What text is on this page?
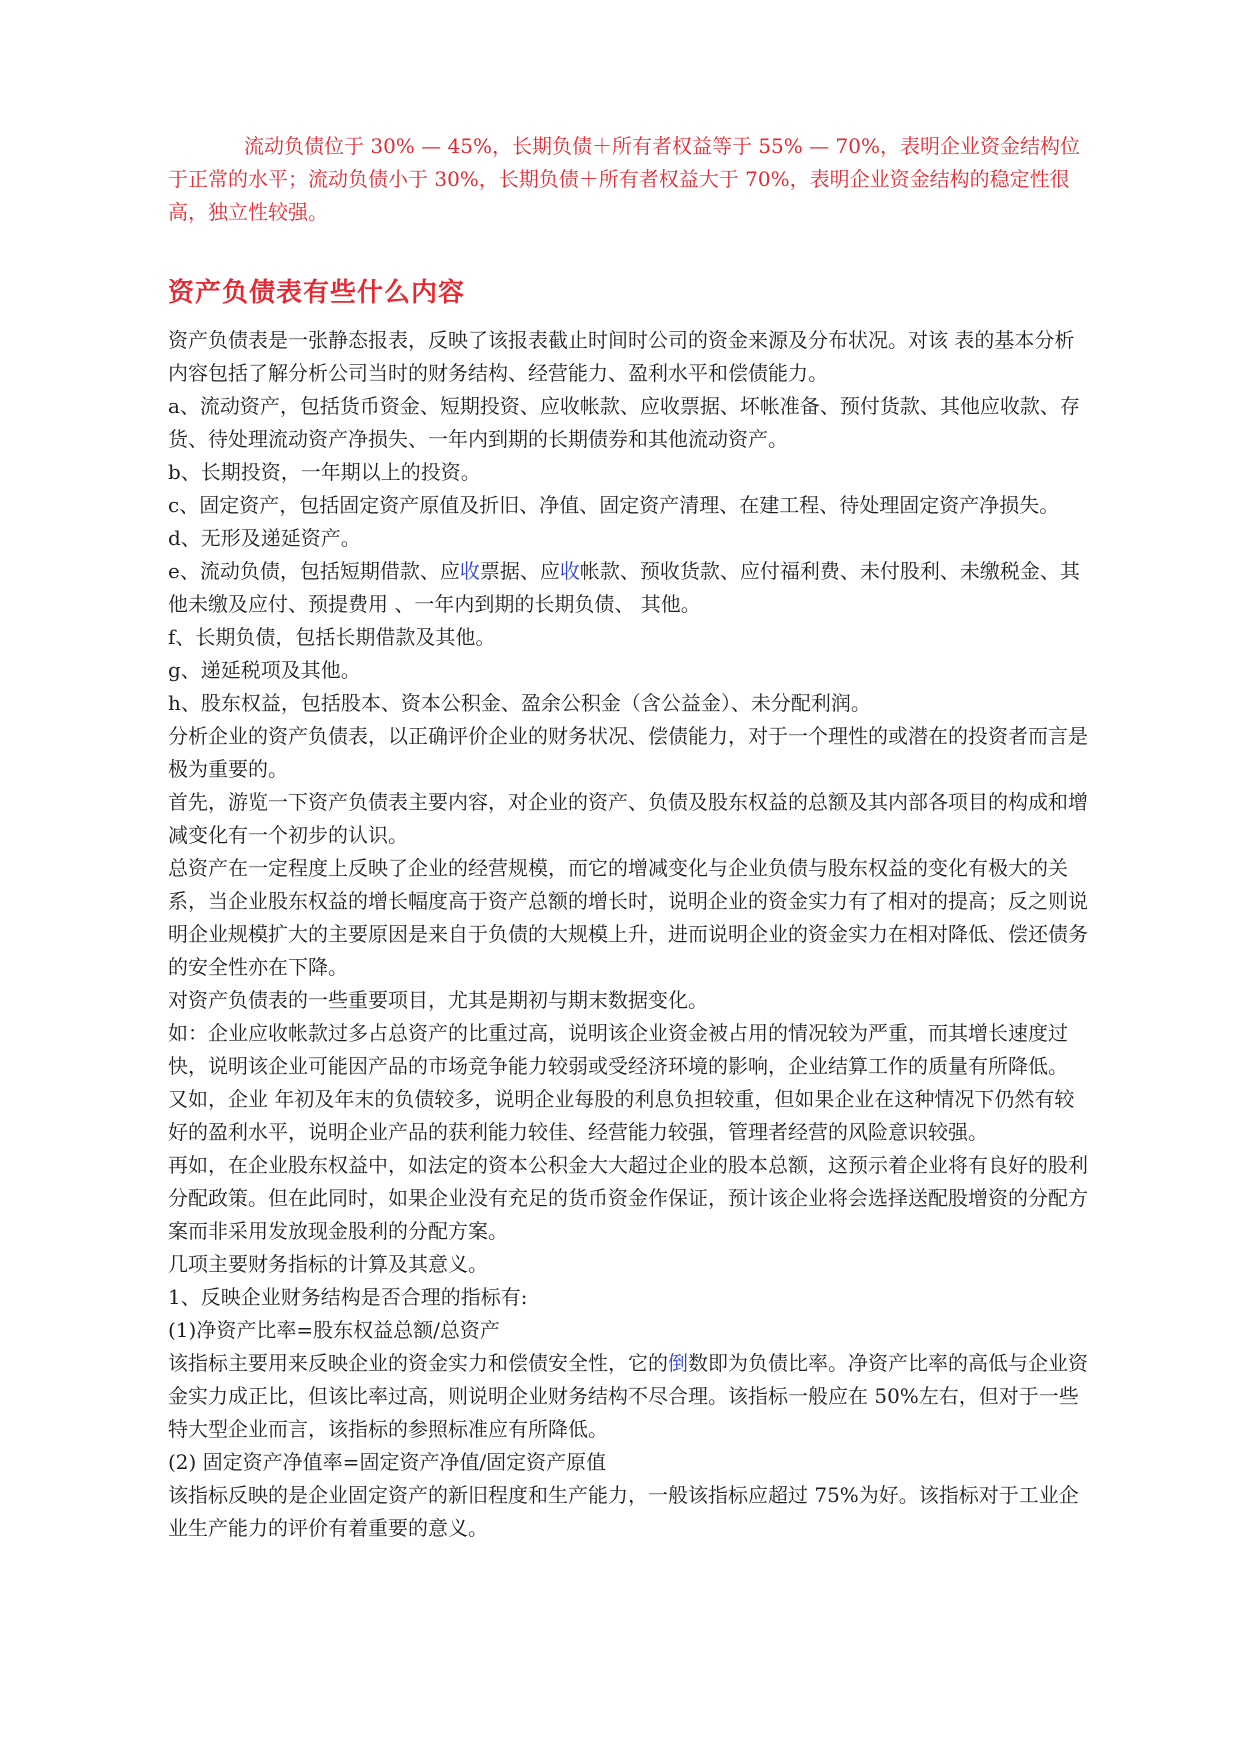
流动负债位于 30% — 45%，长期负债＋所有者权益等于 55% — 70%，表明企业资金结构位于正常的水平；流动负债小于 30%，长期负债＋所有者权益大于 70%，表明企业资金结构的稳定性很高，独立性较强。

资产负债表有些什么内容

资产负债表是一张静态报表，反映了该报表截止时间时公司的资金来源及分布状况。对该 表的基本分析内容包括了解分析公司当时的财务结构、经营能力、盈利水平和偿债能力。

a、流动资产，包括货币资金、短期投资、应收帐款、应收票据、坏帐准备、预付货款、其他应收款、存货、待处理流动资产净损失、一年内到期的长期债券和其他流动资产。

b、长期投资，一年期以上的投资。

c、固定资产，包括固定资产原值及折旧、净值、固定资产清理、在建工程、待处理固定资产净损失。

d、无形及递延资产。

e、流动负债，包括短期借款、应收票据、应收帐款、预收货款、应付福利费、未付股利、未缴税金、其他未缴及应付、预提费用 、一年内到期的长期负债、 其他。

f、长期负债，包括长期借款及其他。

g、递延税项及其他。

h、股东权益，包括股本、资本公积金、盈余公积金（含公益金）、未分配利润。

分析企业的资产负债表，以正确评价企业的财务状况、偿债能力，对于一个理性的或潜在的投资者而言是极为重要的。

首先，游览一下资产负债表主要内容，对企业的资产、负债及股东权益的总额及其内部各项目的构成和增减变化有一个初步的认识。

总资产在一定程度上反映了企业的经营规模，而它的增减变化与企业负债与股东权益的变化有极大的关系，当企业股东权益的增长幅度高于资产总额的增长时，说明企业的资金实力有了相对的提高；反之则说明企业规模扩大的主要原因是来自于负债的大规模上升，进而说明企业的资金实力在相对降低、偿还债务的安全性亦在下降。

对资产负债表的一些重要项目，尤其是期初与期末数据变化。

如：企业应收帐款过多占总资产的比重过高，说明该企业资金被占用的情况较为严重，而其增长速度过快，说明该企业可能因产品的市场竞争能力较弱或受经济环境的影响，企业结算工作的质量有所降低。

又如，企业 年初及年末的负债较多，说明企业每股的利息负担较重，但如果企业在这种情况下仍然有较好的盈利水平，说明企业产品的获利能力较佳、经营能力较强，管理者经营的风险意识较强。

再如，在企业股东权益中，如法定的资本公积金大大超过企业的股本总额，这预示着企业将有良好的股利分配政策。但在此同时，如果企业没有充足的货币资金作保证，预计该企业将会选择送配股增资的分配方案而非采用发放现金股利的分配方案。

几项主要财务指标的计算及其意义。

1、反映企业财务结构是否合理的指标有:

(1)净资产比率=股东权益总额/总资产

该指标主要用来反映企业的资金实力和偿债安全性，它的倒数即为负债比率。净资产比率的高低与企业资金实力成正比，但该比率过高，则说明企业财务结构不尽合理。该指标一般应在 50%左右，但对于一些特大型企业而言，该指标的参照标准应有所降低。

(2) 固定资产净值率=固定资产净值/固定资产原值

该指标反映的是企业固定资产的新旧程度和生产能力，一般该指标应超过 75%为好。该指标对于工业企业生产能力的评价有着重要的意义。
